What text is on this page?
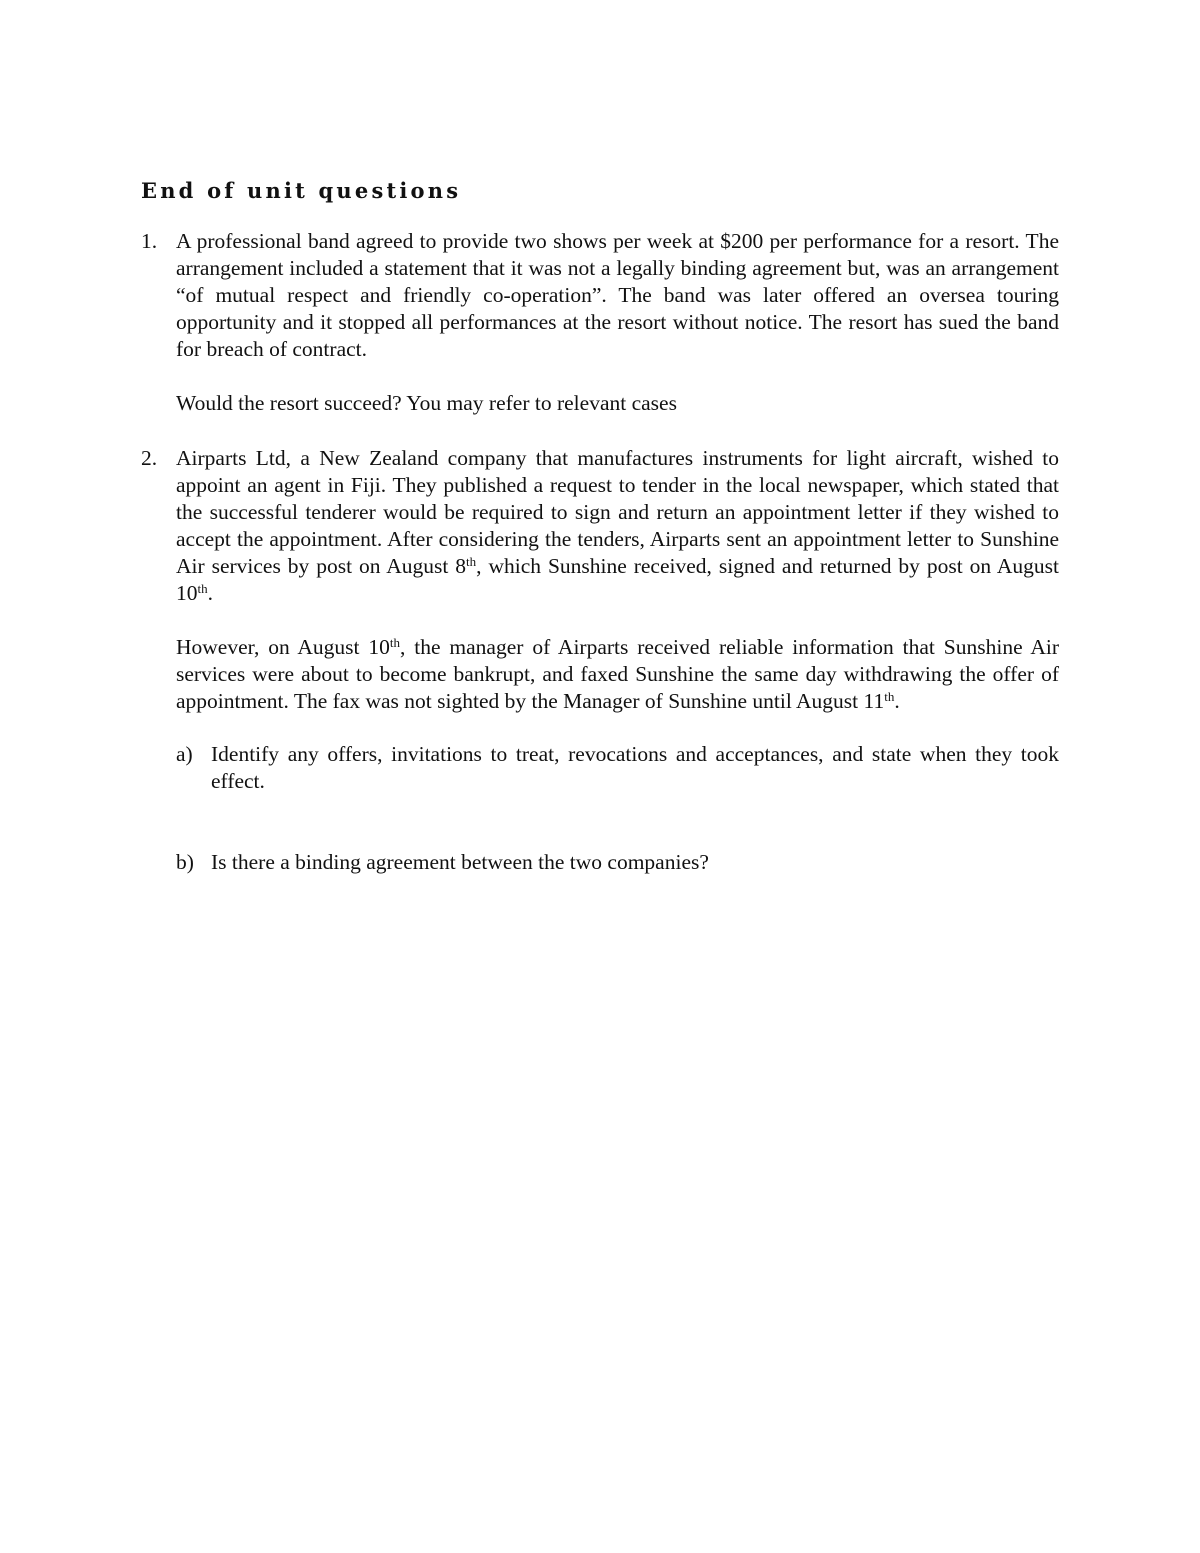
End of unit questions
1. A professional band agreed to provide two shows per week at $200 per performance for a resort. The arrangement included a statement that it was not a legally binding agreement but, was an arrangement “of mutual respect and friendly co-operation”. The band was later offered an oversea touring opportunity and it stopped all performances at the resort without notice. The resort has sued the band for breach of contract.

Would the resort succeed? You may refer to relevant cases

2. Airparts Ltd, a New Zealand company that manufactures instruments for light aircraft, wished to appoint an agent in Fiji. They published a request to tender in the local newspaper, which stated that the successful tenderer would be required to sign and return an appointment letter if they wished to accept the appointment. After considering the tenders, Airparts sent an appointment letter to Sunshine Air services by post on August 8th, which Sunshine received, signed and returned by post on August 10th.

However, on August 10th, the manager of Airparts received reliable information that Sunshine Air services were about to become bankrupt, and faxed Sunshine the same day withdrawing the offer of appointment. The fax was not sighted by the Manager of Sunshine until August 11th.

a) Identify any offers, invitations to treat, revocations and acceptances, and state when they took effect.
b) Is there a binding agreement between the two companies?
